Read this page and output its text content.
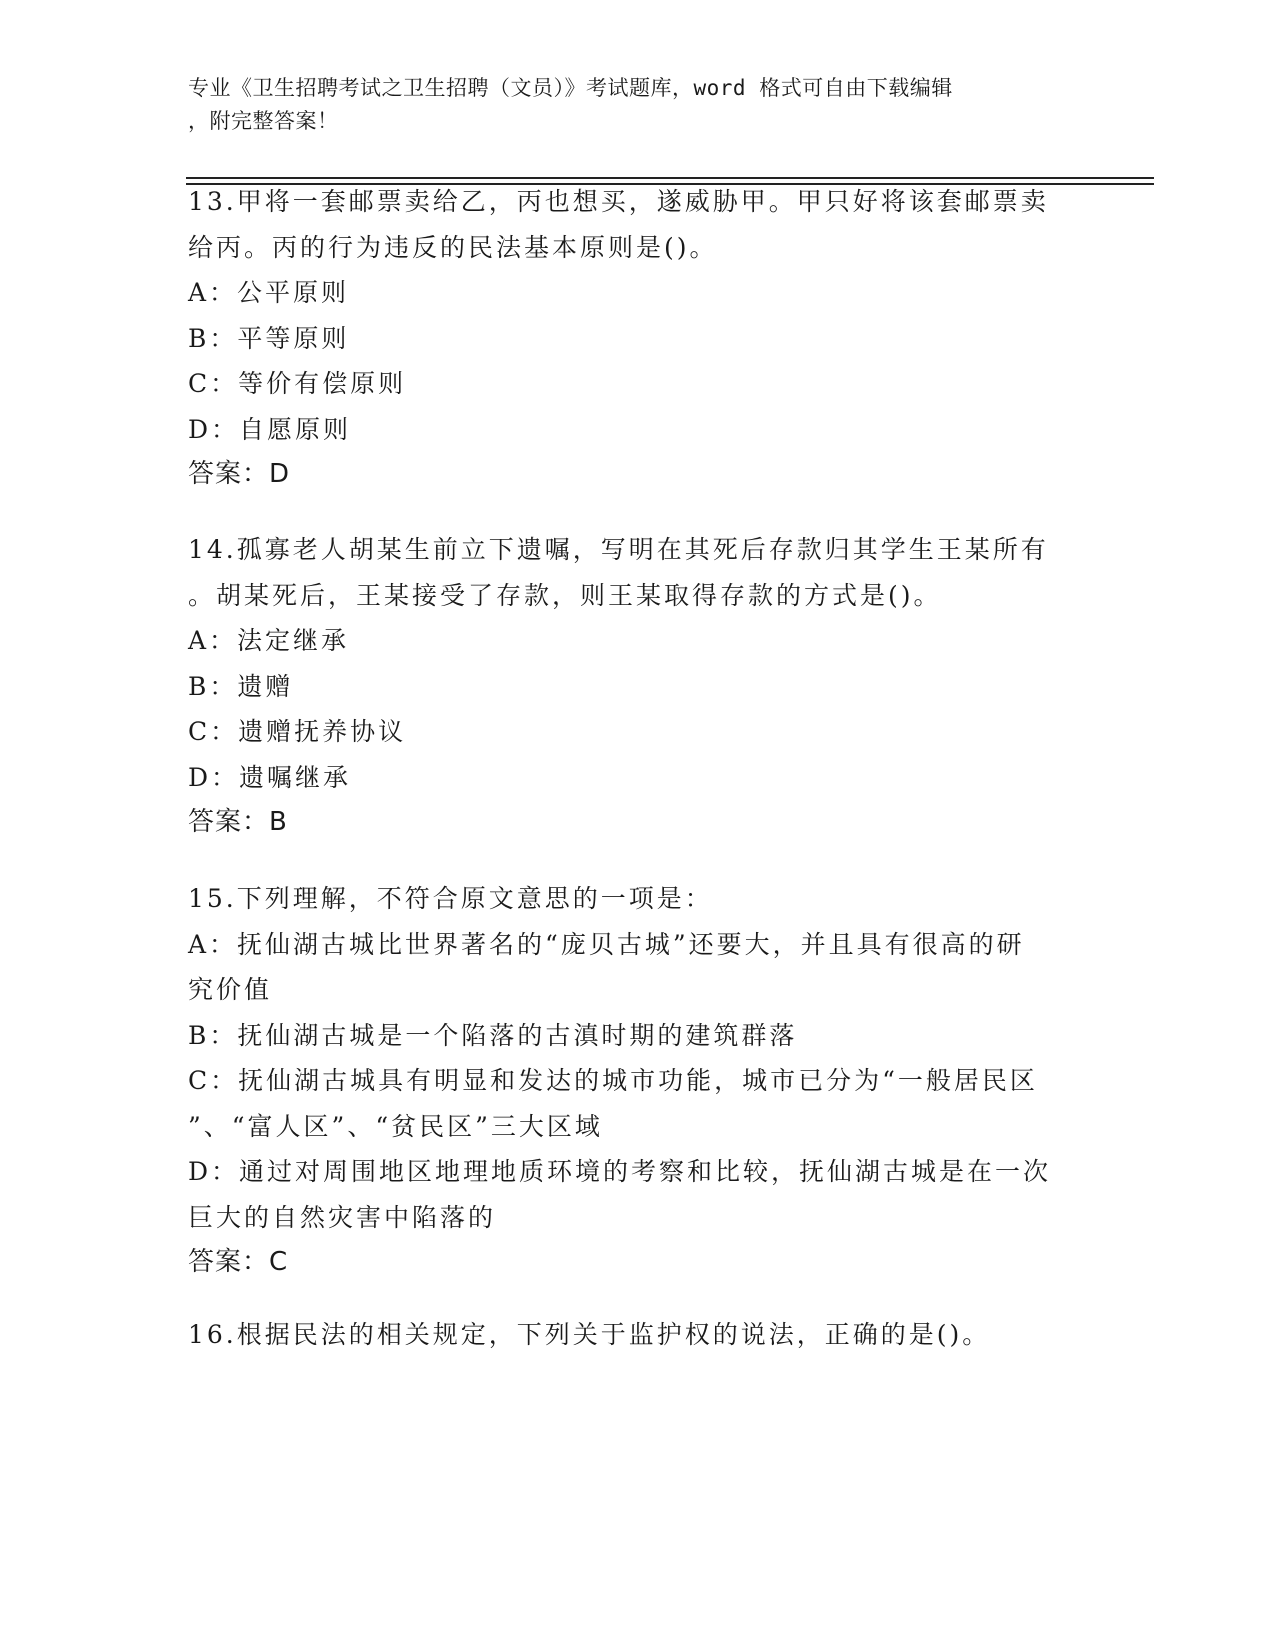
专业《卫生招聘考试之卫生招聘（文员）》考试题库，word 格式可自由下载编辑
，附完整答案！
13.甲将一套邮票卖给乙，丙也想买，遂威胁甲。甲只好将该套邮票卖
给丙。丙的行为违反的民法基本原则是()。
A：公平原则
B：平等原则
C：等价有偿原则
D：自愿原则
答案：D
14.孤寡老人胡某生前立下遗嘱，写明在其死后存款归其学生王某所有
。胡某死后，王某接受了存款，则王某取得存款的方式是()。
A：法定继承
B：遗赠
C：遗赠抚养协议
D：遗嘱继承
答案：B
15.下列理解，不符合原文意思的一项是：
A：抚仙湖古城比世界著名的“庞贝古城”还要大，并且具有很高的研
究价值
B：抚仙湖古城是一个陷落的古滇时期的建筑群落
C：抚仙湖古城具有明显和发达的城市功能，城市已分为“一般居民区
”、“富人区”、“贫民区”三大区域
D：通过对周围地区地理地质环境的考察和比较，抚仙湖古城是在一次
巨大的自然灾害中陷落的
答案：C
16.根据民法的相关规定，下列关于监护权的说法，正确的是()。
